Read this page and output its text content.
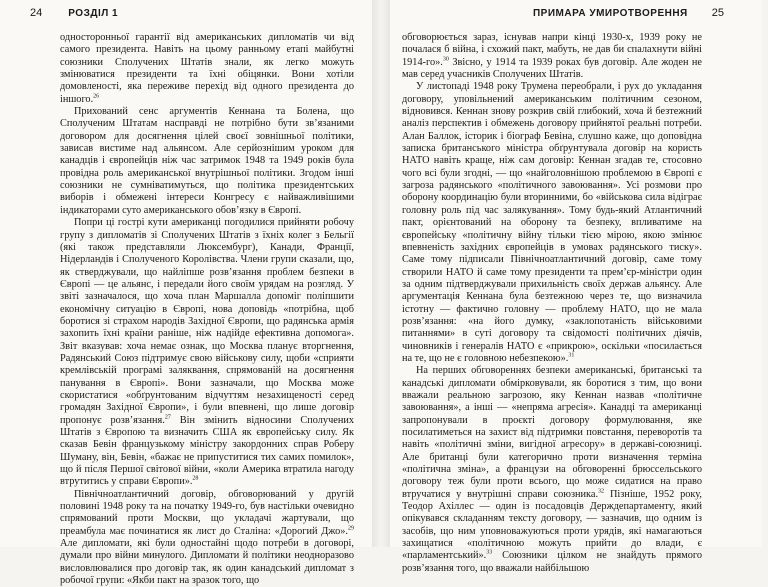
24	РОЗДІЛ 1

односторонньої гарантії від американських дипломатів чи від самого президента. Навіть на цьому ранньому етапі майбутні союзники Сполучених Штатів знали, як легко можуть змінюватися президенти та їхні обіцянки. Вони хотіли домовленості, яка переживе перехід від одного президента до іншого.$^{26}$

Прихований сенс аргументів Кеннана та Болена, що Сполученим Штатам насправді не потрібно бути зв’язаними договором для досягнення цілей своєї зовнішньої політики, зависав вистиме над альянсом. Але серйознішим уроком для канадців і європейців ніж час затримок 1948 та 1949 років була провідна роль американської внутрішньої політики. Згодом інші союзники не сумніватимуться, що політика президентських виборів і обмежені інтереси Конгресу є найважливішими індикаторами суто американського обов’язку в Європі.

Попри ці гострі кути американці погодилися прийняти робочу групу з дипломатів зі Сполучених Штатів з їхніх колег з Бельгії (які також представляли Люксембург), Канади, Франції, Нідерландів і Сполученого Королівства. Члени групи сказали, що, як стверджували, що найліпше розв’язання проблем безпеки в Європі — це альянс, і передали його своїм урядам на розгляд. У звіті зазначалося, що хоча план Маршалла допоміг поліпшити економічну ситуацію в Європі, нова доповідь «потрібна, щоб боротися зі страхом народів Західної Європи, що радянська армія захопить їхні країни раніше, ніж надійде ефективна допомога». Звіт вказував: хоча немає ознак, що Москва планує вторгнення, Радянський Союз підтримує свою військову силу, щоби «сприяти кремлівській програмі заляквання, спрямованій на досягнення панування в Європі». Вони зазначали, що Москва може скористатися «обґрунтованим відчуттям незахищеності серед громадян Західної Європи», і були впевнені, що лише договір пропонує розв’язання.$^{27}$ Він змінить відносини Сполучених Штатів з Європою та визначить США як європейську силу. Як сказав Бевін французькому міністру закордонних справ Роберу Шуману, він, Бевін, «бажає не припуститися тих самих помилок», що й після Першої світової війни, «коли Америка втратила нагоду втрутитись у справи Європи».$^{28}$

Північноатлантичний договір, обговорюваний у другій половині 1948 року та на початку 1949-го, був настільки очевидно спрямований проти Москви, що укладачі жартували, що преамбула має починатися як лист до Сталіна: «Дорогий Джо».$^{29}$ Але дипломати, які були одностайні щодо потреби в договорі, думали про війни минулого. Дипломати й політики неодноразово висловлювалися про договір так, як один канадський дипломат з робочої групи: «Якби пакт на зразок того, що

ПРИМАРА УМИРОТВОРЕННЯ 25

обговорюється зараз, існував напри кінці 1930-х, 1939 року не почалася б війна, і схожий пакт, мабуть, не дав би спалахнути війні 1914-го».$^{30}$ Звісно, у 1914 та 1939 роках був договір. Але жоден не мав серед учасників Сполучених Штатів.

У листопаді 1948 року Трумена переобрали, і рух до укладання договору, уповільнений американським політичним сезоном, відновився. Кеннан знову розкрив свій глибокий, хоча й безтежний аналіз перспектив і обмежень договору прийнятої реальні потреби. Алан Баллок, історик і біограф Бевіна, слушно каже, що доповідна записка британського міністра обґрунтувала договір на користь НАТО навіть краще, ніж сам договір: Кеннан згадав те, стосовно чого всі були згодні, — що «найголовнішою проблемою в Європі є загроза радянського «політичного завоювання». Усі розмови про оборону координацію були вторинними, бо «військова сила відіграє головну роль під час залякування». Тому будь-який Атлантичний пакт, орієнтований на оборону та безпеку, впливатиме на європейську «політичну війну тільки тією мірою, якою змінює впевненість західних європейців в умовах радянського тиску». Саме тому підписали Північноатлантичний договір, саме тому створили НАТО й саме тому президенти та прем’єр-міністри один за одним підтверджували прихильність своїх держав альянсу. Але аргументація Кеннана була безтежною через те, що визначила істотну — фактично головну — проблему НАТО, що не мала розв’язання: «на його думку, «заклопотаність військовими питаннями» в суті договору та свідомості політичних діячів, чиновників і генералів НАТО є «прикрою», оскільки «посилається на те, що не є головною небезпекою».$^{31}$

На перших обговореннях безпеки американські, британські та канадські дипломати обмірковували, як боротися з тим, що вони вважали реальною загрозою, яку Кеннан назвав «політичне завоювання», а інші — «непряма агресія». Канадці та американці запропонували в проєкті договору формулювання, яке посилатиметься на захист від підтримки повстання, переворотів та навіть «політичні зміни, вигідної агресору» в державі-союзниці. Але британці були категорично проти визначення терміна «політична зміна», а французи на обговоренні брюссельського договору теж були проти всього, що може сидатися на право втручатися у внутрішні справи союзника.$^{32}$ Пізніше, 1952 року, Теодор Ахіллес — один із посадовців Держдепартаменту, який опікувався складанням тексту договору, — зазначив, що одним із засобів, що ним уповноважуються проти урядів, які намагаються захищатися «політичною можуть прийти до влади, є «парламентський».$^{33}$ Союзники цілком не знайдуть прямого розв’язання того, що вважали найбільшою
